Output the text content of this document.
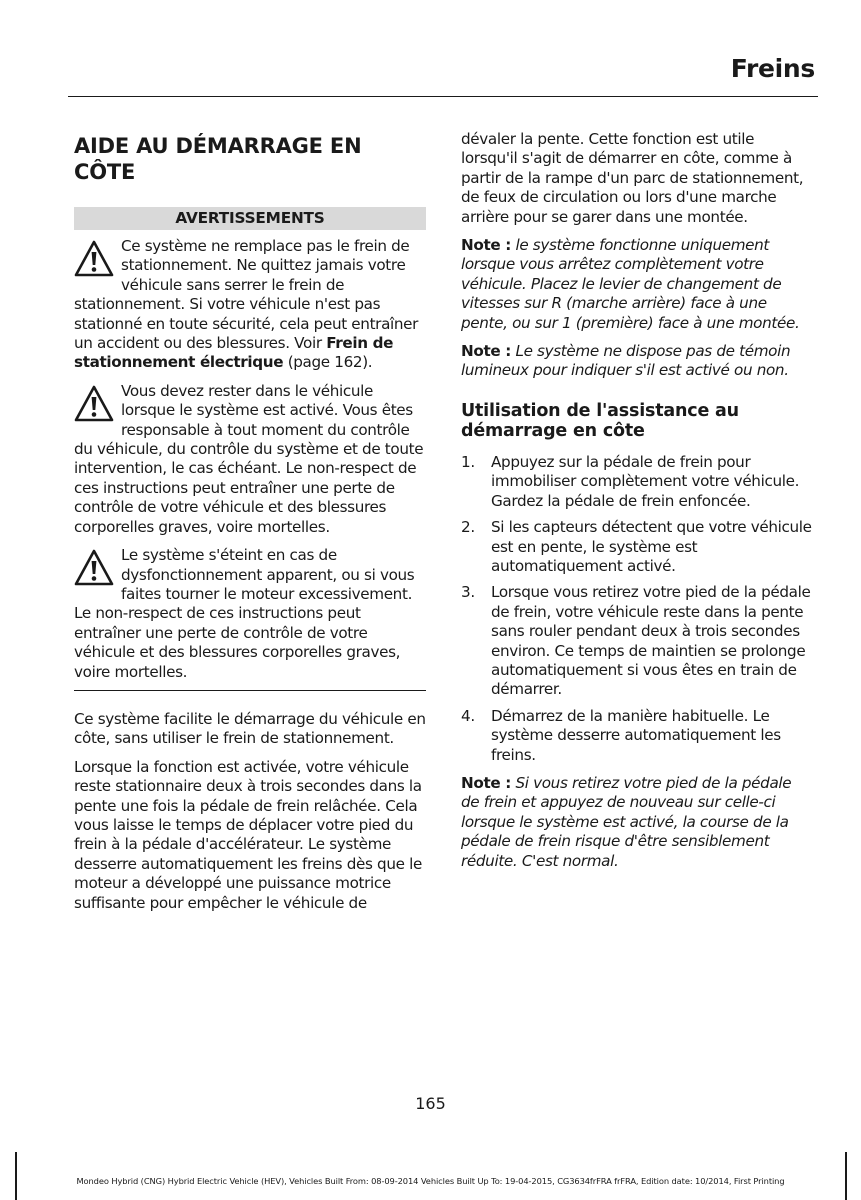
Freins
AIDE AU DÉMARRAGE EN CÔTE
AVERTISSEMENTS

Ce système ne remplace pas le frein de stationnement. Ne quittez jamais votre véhicule sans serrer le frein de stationnement. Si votre véhicule n'est pas stationné en toute sécurité, cela peut entraîner un accident ou des blessures. Voir Frein de stationnement électrique (page 162).

Vous devez rester dans le véhicule lorsque le système est activé. Vous êtes responsable à tout moment du contrôle du véhicule, du contrôle du système et de toute intervention, le cas échéant. Le non-respect de ces instructions peut entraîner une perte de contrôle de votre véhicule et des blessures corporelles graves, voire mortelles.

Le système s'éteint en cas de dysfonctionnement apparent, ou si vous faites tourner le moteur excessivement. Le non-respect de ces instructions peut entraîner une perte de contrôle de votre véhicule et des blessures corporelles graves, voire mortelles.

Ce système facilite le démarrage du véhicule en côte, sans utiliser le frein de stationnement.

Lorsque la fonction est activée, votre véhicule reste stationnaire deux à trois secondes dans la pente une fois la pédale de frein relâchée. Cela vous laisse le temps de déplacer votre pied du frein à la pédale d'accélérateur. Le système desserre automatiquement les freins dès que le moteur a développé une puissance motrice suffisante pour empêcher le véhicule de

dévaler la pente. Cette fonction est utile lorsqu'il s'agit de démarrer en côte, comme à partir de la rampe d'un parc de stationnement, de feux de circulation ou lors d'une marche arrière pour se garer dans une montée.

Note : le système fonctionne uniquement lorsque vous arrêtez complètement votre véhicule. Placez le levier de changement de vitesses sur R (marche arrière) face à une pente, ou sur 1 (première) face à une montée.

Note : Le système ne dispose pas de témoin lumineux pour indiquer s'il est activé ou non.

Utilisation de l'assistance au démarrage en côte
1.	Appuyez sur la pédale de frein pour immobiliser complètement votre véhicule. Gardez la pédale de frein enfoncée.
2.	Si les capteurs détectent que votre véhicule est en pente, le système est automatiquement activé.
3.	Lorsque vous retirez votre pied de la pédale de frein, votre véhicule reste dans la pente sans rouler pendant deux à trois secondes environ. Ce temps de maintien se prolonge automatiquement si vous êtes en train de démarrer.
4.	Démarrez de la manière habituelle. Le système desserre automatiquement les freins.

Note : Si vous retirez votre pied de la pédale de frein et appuyez de nouveau sur celle-ci lorsque le système est activé, la course de la pédale de frein risque d'être sensiblement réduite. C'est normal.

165
Mondeo Hybrid (CNG) Hybrid Electric Vehicle (HEV), Vehicles Built From: 08-09-2014 Vehicles Built Up To: 19-04-2015, CG3634frFRA frFRA, Edition date: 10/2014, First Printing
